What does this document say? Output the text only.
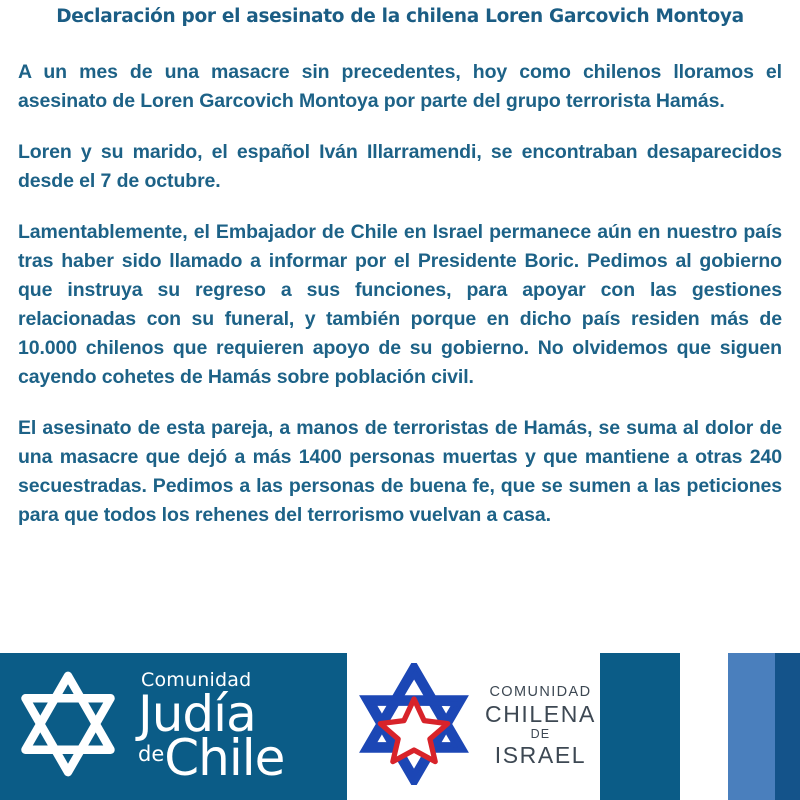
Declaración por el asesinato de la chilena Loren Garcovich Montoya

A un mes de una masacre sin precedentes, hoy como chilenos lloramos el asesinato de Loren Garcovich Montoya por parte del grupo terrorista Hamás.

Loren y su marido, el español Iván Illarramendi, se encontraban desaparecidos desde el 7 de octubre.

Lamentablemente, el Embajador de Chile en Israel permanece aún en nuestro país tras haber sido llamado a informar por el Presidente Boric. Pedimos al gobierno que instruya su regreso a sus funciones, para apoyar con las gestiones relacionadas con su funeral, y también porque en dicho país residen más de 10.000 chilenos que requieren apoyo de su gobierno. No olvidemos que siguen cayendo cohetes de Hamás sobre población civil.

El asesinato de esta pareja, a manos de terroristas de Hamás, se suma al dolor de una masacre que dejó a más 1400 personas muertas y que mantiene a otras 240 secuestradas. Pedimos a las personas de buena fe, que se sumen a las peticiones para que todos los rehenes del terrorismo vuelvan a casa.

Comunidad
Judía
deChile
COMUNIDAD
CHILENA
DE
ISRAEL
